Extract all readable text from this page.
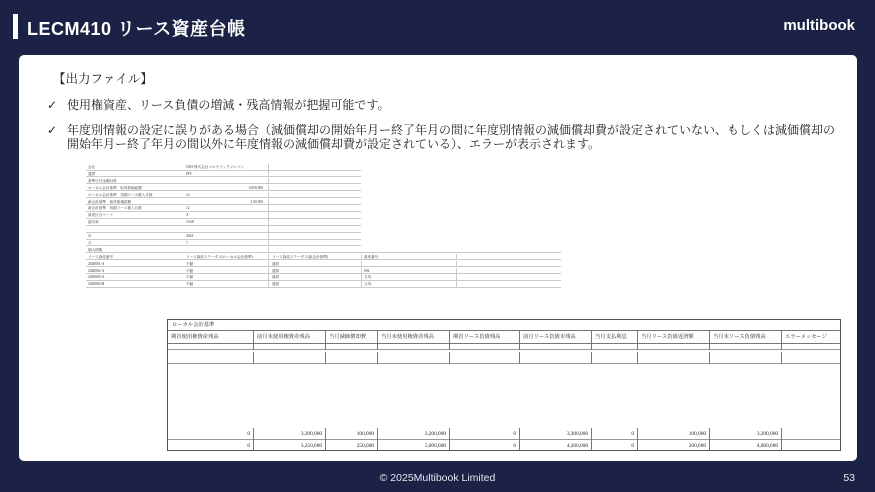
LECM410 リース資産台帳	multibook
【出力ファイル】
✓ 使用権資産、リース負債の増減・残高情報が把握可能です。
✓ 年度別情報の設定に誤りがある場合（減価償却の開始年月ー終了年月の間に年度別情報の減価償却費が設定されていない、もしくは減価償却の開始年月ー終了年月の間以外に年度情報の減価償却費が設定されている）、エラーが表示されます。
会社	1001 株式会社マルチブックジャパン
通貨	JPY
基準日付金額対象
ローカル会計基準　取得原価総額	3,850,580
ローカル会計基準　初期リース債入月数	12
新会計基準　取得原価総額	3,50,500
新会計基準　初期リース債入月数	12
資産区分コード	A
割引率	10.00
年	2024
月	7
個人情報
リース資産番号	リース資産ステータス(ローカル会計基準)	リース資産ステータス(新会計基準)	資産番号
2020001-A	不動	通常
2020002-A	不動	通常	002
2020003-A	不動	通常	文具
2020004-B	不動	通常	文具
ローカル会計基準
期首使用権資産残高	前月末使用権資産残高	当月減価償却費	当月末使用権資産残高	期首リース負債残高	前月リース負債末残高	当月支払利息	当月リース負債返済額	当月末リース負債残高	エラーメッセージ
0	3,300,000	100,000	3,200,000	0	3,300,000	0	100,000	3,200,000
0	3,250,000	250,000	5,000,000	0	4,200,000	0	200,000	4,000,000
© 2025Multibook Limited	53
